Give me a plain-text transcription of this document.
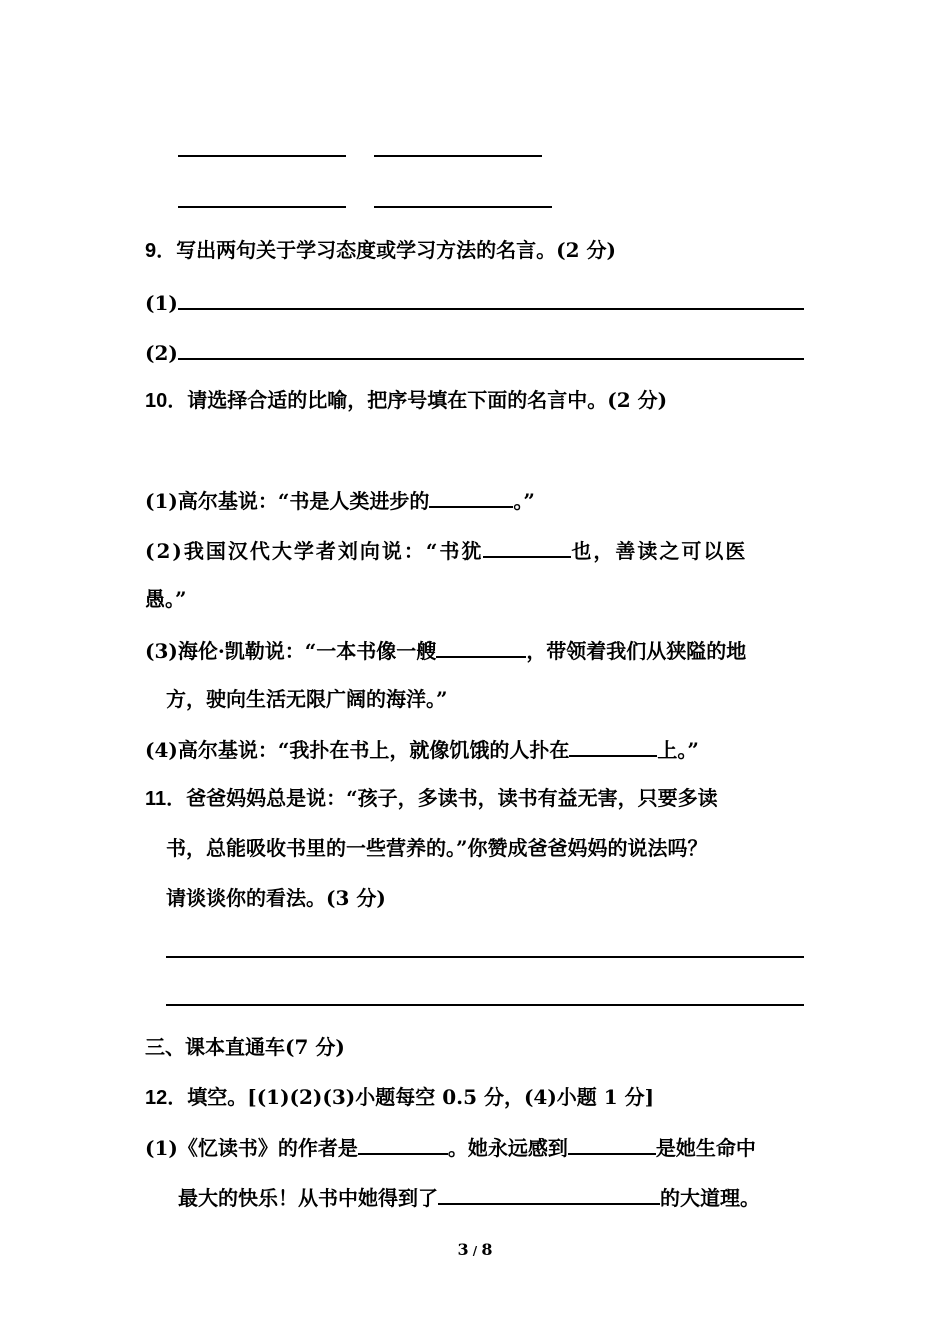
9．写出两句关于学习态度或学习方法的名言。(2 分)
(1)
(2)
10．请选择合适的比喻，把序号填在下面的名言中。(2 分)
(1)高尔基说：“书是人类进步的	。”
(2)我国汉代大学者刘向说：“书犹	也，善读之可以医
愚。”
(3)海伦·凯勒说：“一本书像一艘	，带领着我们从狭隘的地
方，驶向生活无限广阔的海洋。”
(4)高尔基说：“我扑在书上，就像饥饿的人扑在	上。”
11．爸爸妈妈总是说：“孩子，多读书，读书有益无害，只要多读
书，总能吸收书里的一些营养的。”你赞成爸爸妈妈的说法吗？
请谈谈你的看法。(3 分)
三、课本直通车(7 分)
12．填空。[(1)(2)(3)小题每空 0.5 分，(4)小题 1 分]
(1)《忆读书》的作者是	。她永远感到	是她生命中
最大的快乐！从书中她得到了	的大道理。
3 / 8
